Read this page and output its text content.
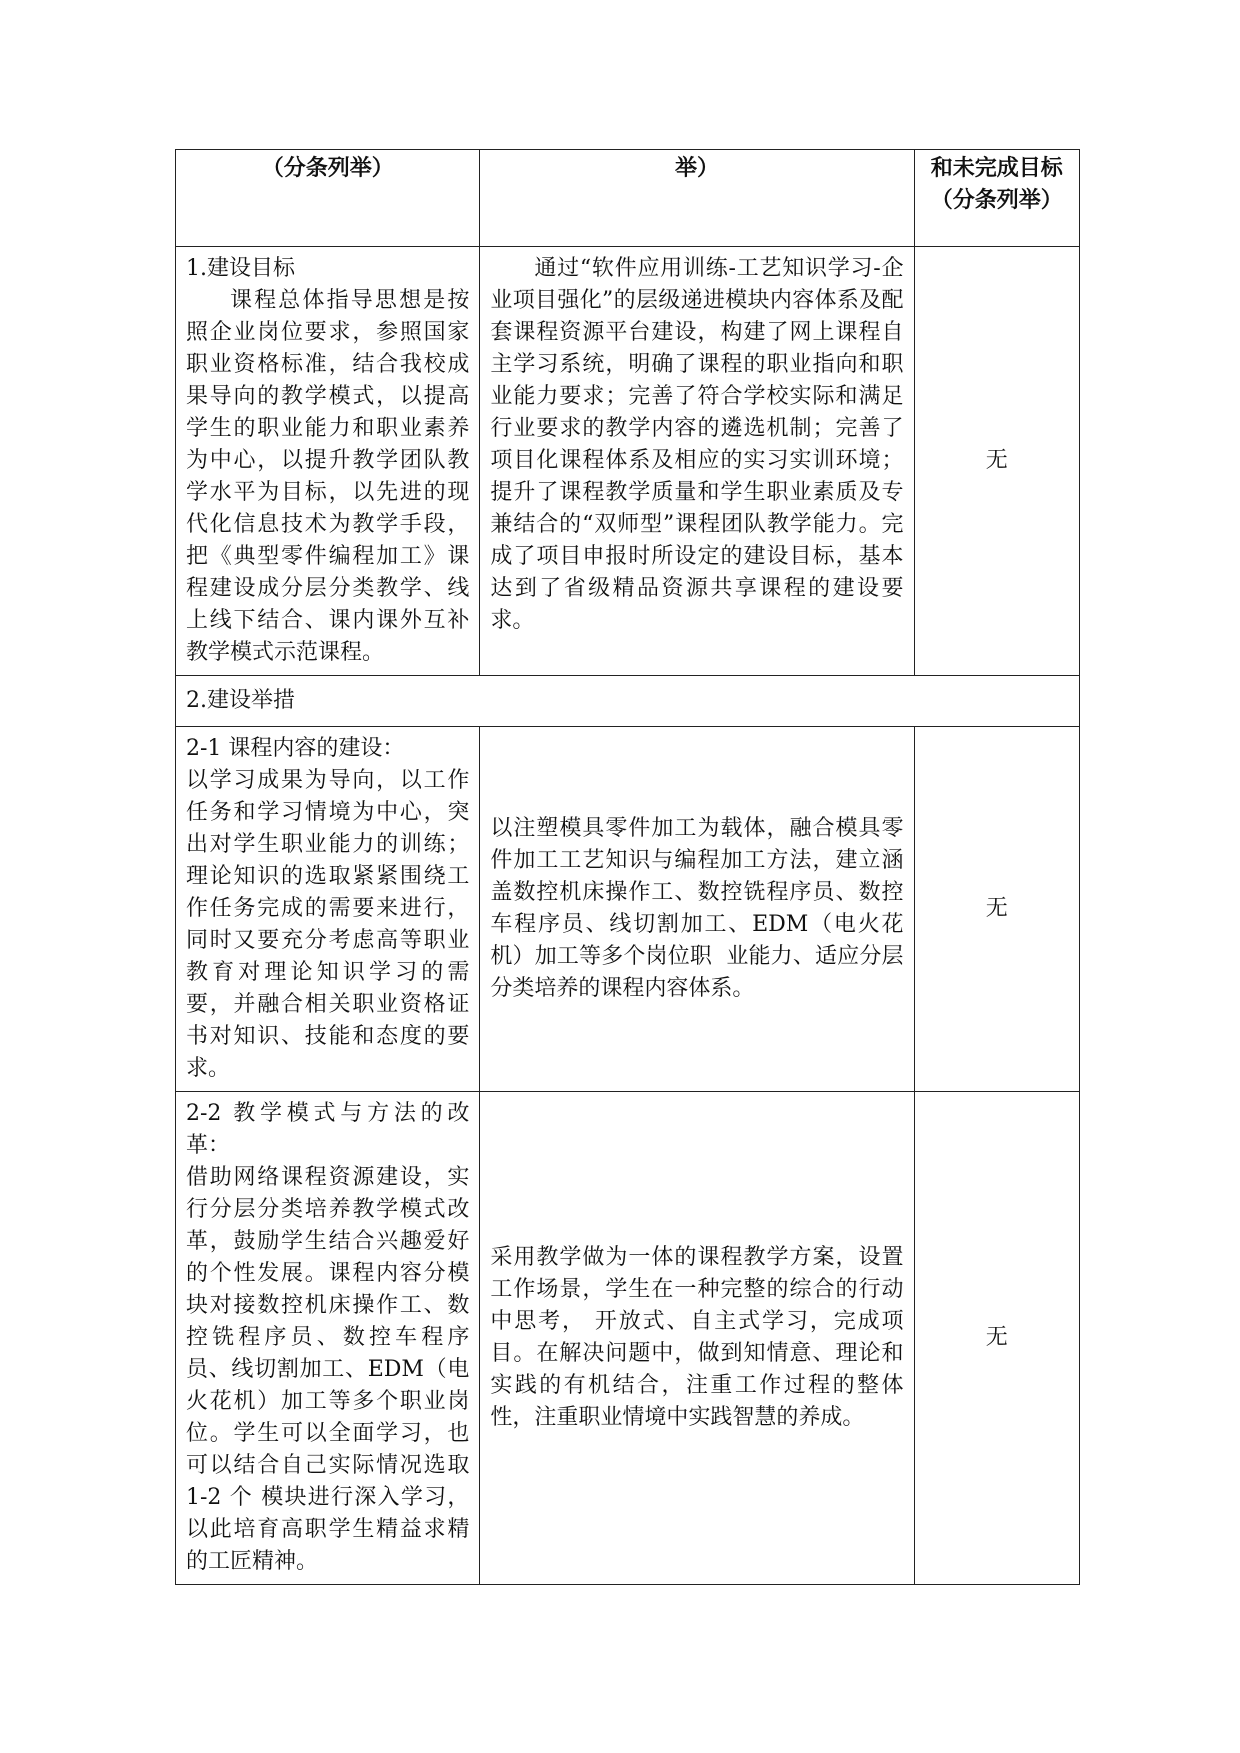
（分条列举）	举）	和未完成目标（分条列举）

1.建设目标

课程总体指导思想是按照企业岗位要求，参照国家职业资格标准，结合我校成果导向的教学模式，以提高学生的职业能力和职业素养为中心，以提升教学团队教学水平为目标，以先进的现代化信息技术为教学手段，把《典型零件编程加工》课程建设成分层分类教学、线上线下结合、课内课外互补教学模式示范课程。	通过“软件应用训练-工艺知识学习-企业项目强化”的层级递进模块内容体系及配套课程资源平台建设，构建了网上课程自主学习系统，明确了课程的职业指向和职业能力要求；完善了符合学校实际和满足行业要求的教学内容的遴选机制；完善了项目化课程体系及相应的实习实训环境；提升了课程教学质量和学生职业素质及专兼结合的“双师型”课程团队教学能力。完成了项目申报时所设定的建设目标，基本达到了省级精品资源共享课程的建设要求。	无
2.建设举措		

2-1 课程内容的建设：

以学习成果为导向，以工作任务和学习情境为中心，突出对学生职业能力的训练；理论知识的选取紧紧围绕工作任务完成的需要来进行，同时又要充分考虑高等职业教育对理论知识学习的需要，并融合相关职业资格证书对知识、技能和态度的要求。	以注塑模具零件加工为载体，融合模具零件加工工艺知识与编程加工方法，建立涵盖数控机床操作工、数控铣程序员、数控车程序员、线切割加工、EDM（电火花机）加工等多个岗位职  业能力、适应分层分类培养的课程内容体系。	无

2-2 教学模式与方法的改革：

借助网络课程资源建设，实行分层分类培养教学模式改革，鼓励学生结合兴趣爱好的个性发展。课程内容分模块对接数控机床操作工、数控铣程序员、数控车程序员、线切割加工、EDM（电火花机）加工等多个职业岗位。学生可以全面学习，也可以结合自己实际情况选取 1-2 个 模块进行深入学习，以此培育高职学生精益求精的工匠精神。	采用教学做为一体的课程教学方案，设置工作场景，学生在一种完整的综合的行动中思考， 开放式、自主式学习，完成项目。在解决问题中，做到知情意、理论和实践的有机结合，注重工作过程的整体性，注重职业情境中实践智慧的养成。	无
